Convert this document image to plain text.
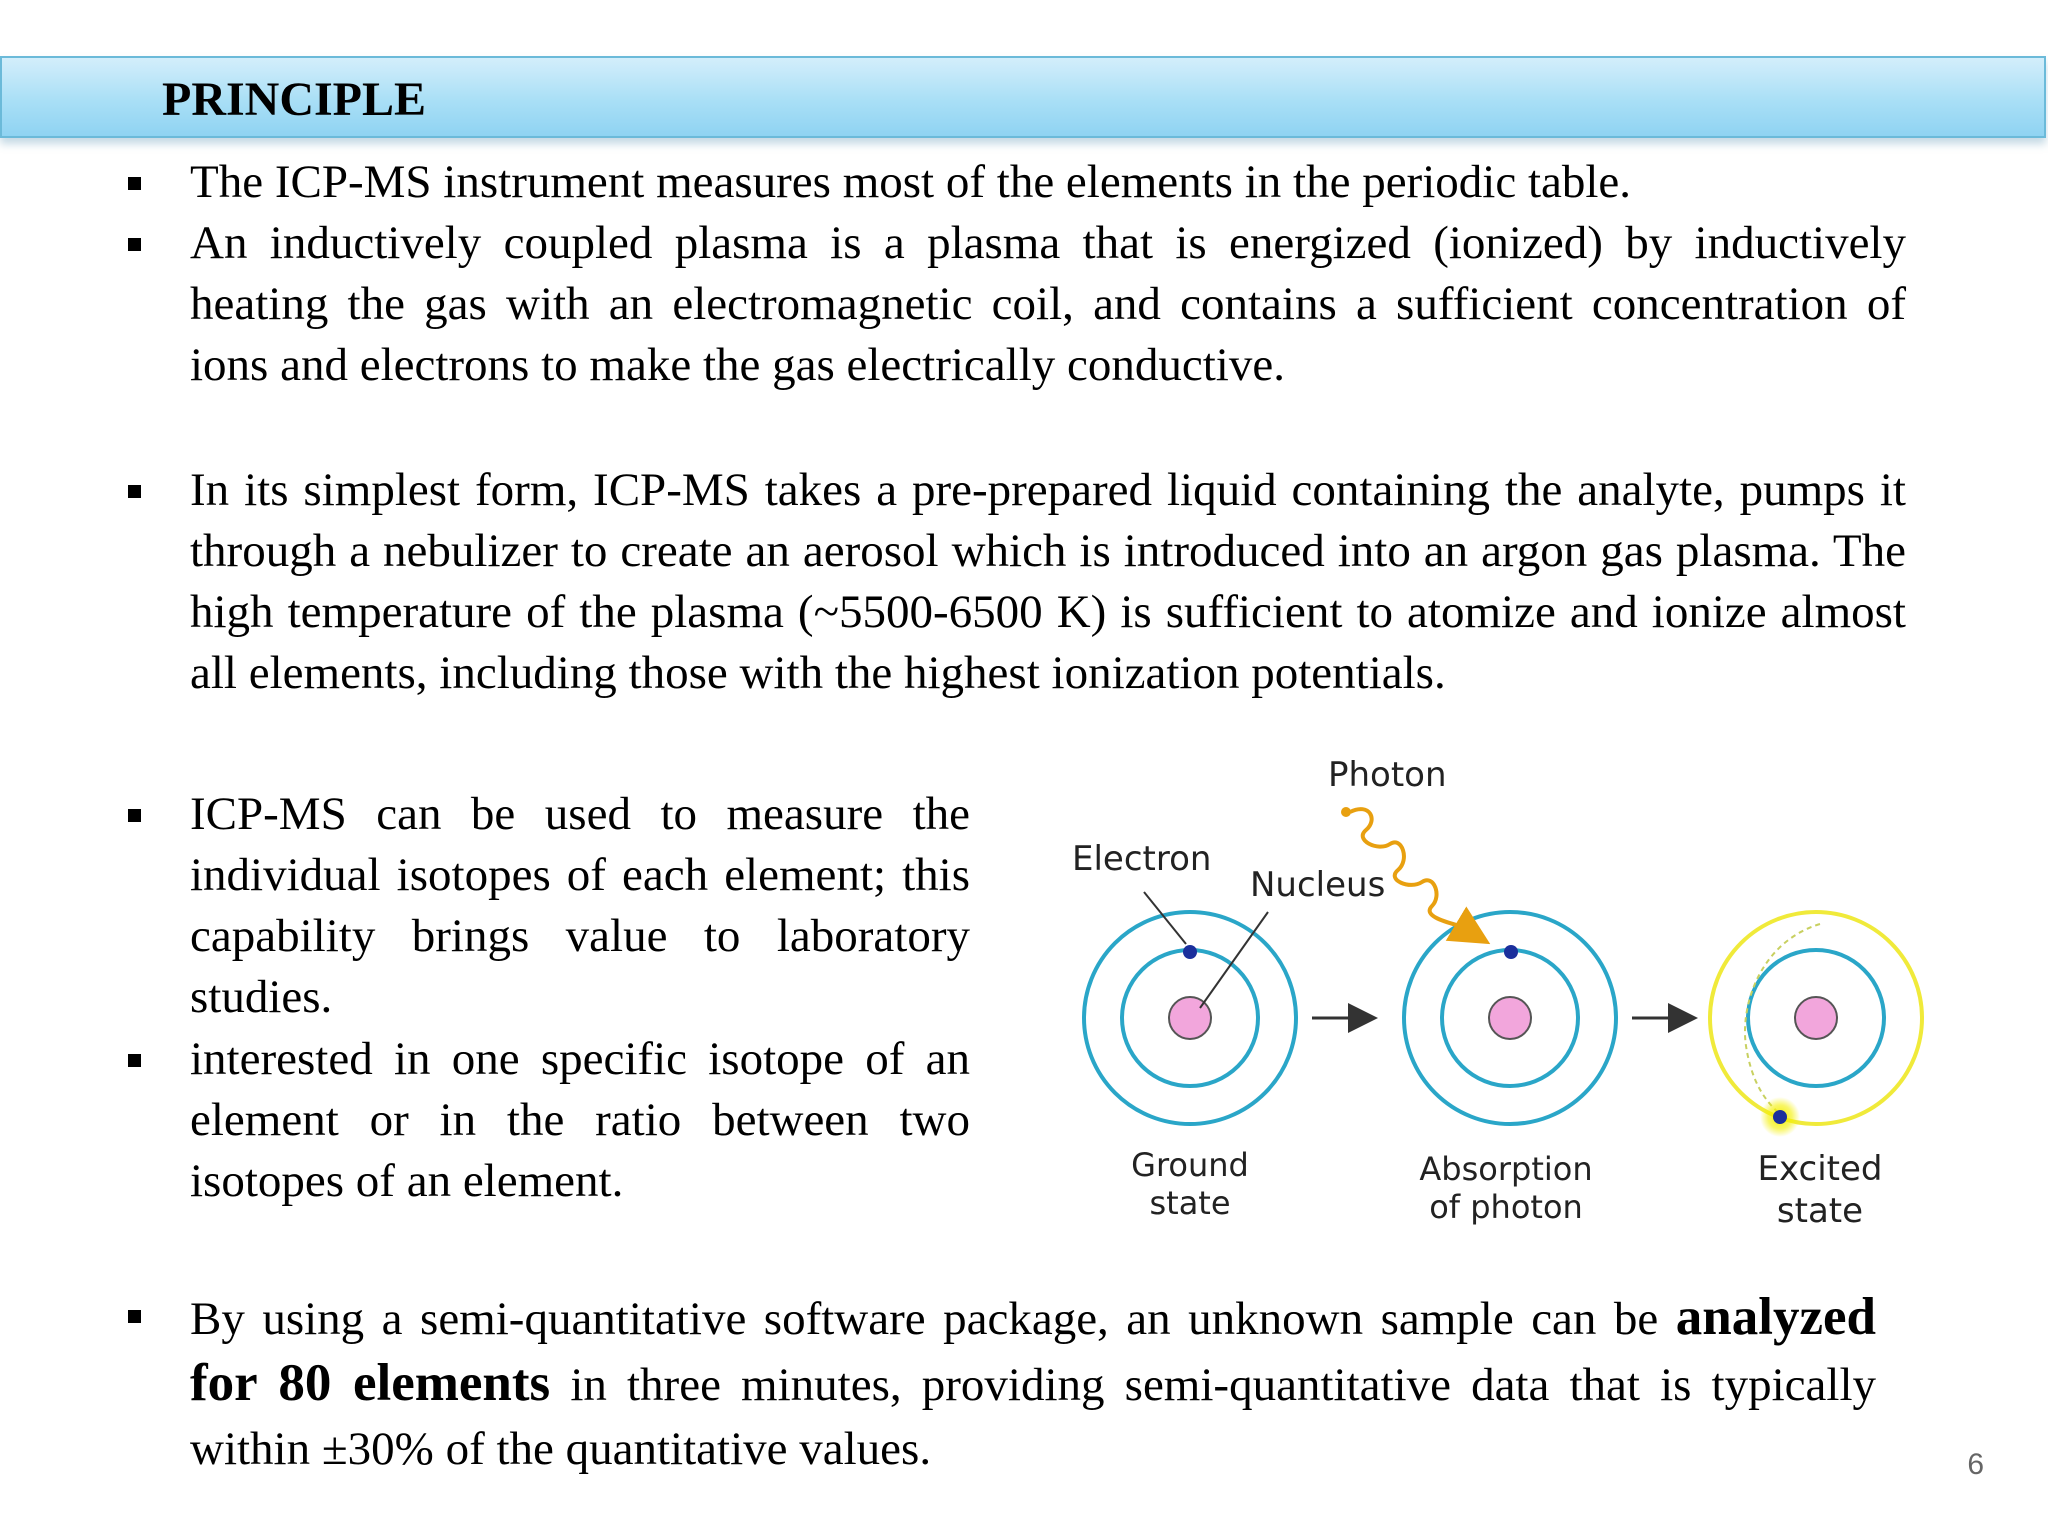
PRINCIPLE
The ICP-MS instrument measures most of the elements in the periodic table.
An inductively coupled plasma is a plasma that is energized (ionized) by inductively heating the gas with an electromagnetic coil, and contains a sufficient concentration of ions and electrons to make the gas electrically conductive.
In its simplest form, ICP-MS takes a pre-prepared liquid containing the analyte, pumps it through a nebulizer to create an aerosol which is introduced into an argon gas plasma. The high temperature of the plasma (~5500-6500 K) is sufficient to atomize and ionize almost all elements, including those with the highest ionization potentials.
ICP-MS can be used to measure the individual isotopes of each element; this capability brings value to laboratory studies.
interested in one specific isotope of an element or in the ratio between two isotopes of an element.
By using a semi-quantitative software package, an unknown sample can be analyzed for 80 elements in three minutes, providing semi-quantitative data that is typically within ±30% of the quantitative values.
Photon
Electron
Nucleus
Ground
state
Absorption
of photon
Excited
state
6
